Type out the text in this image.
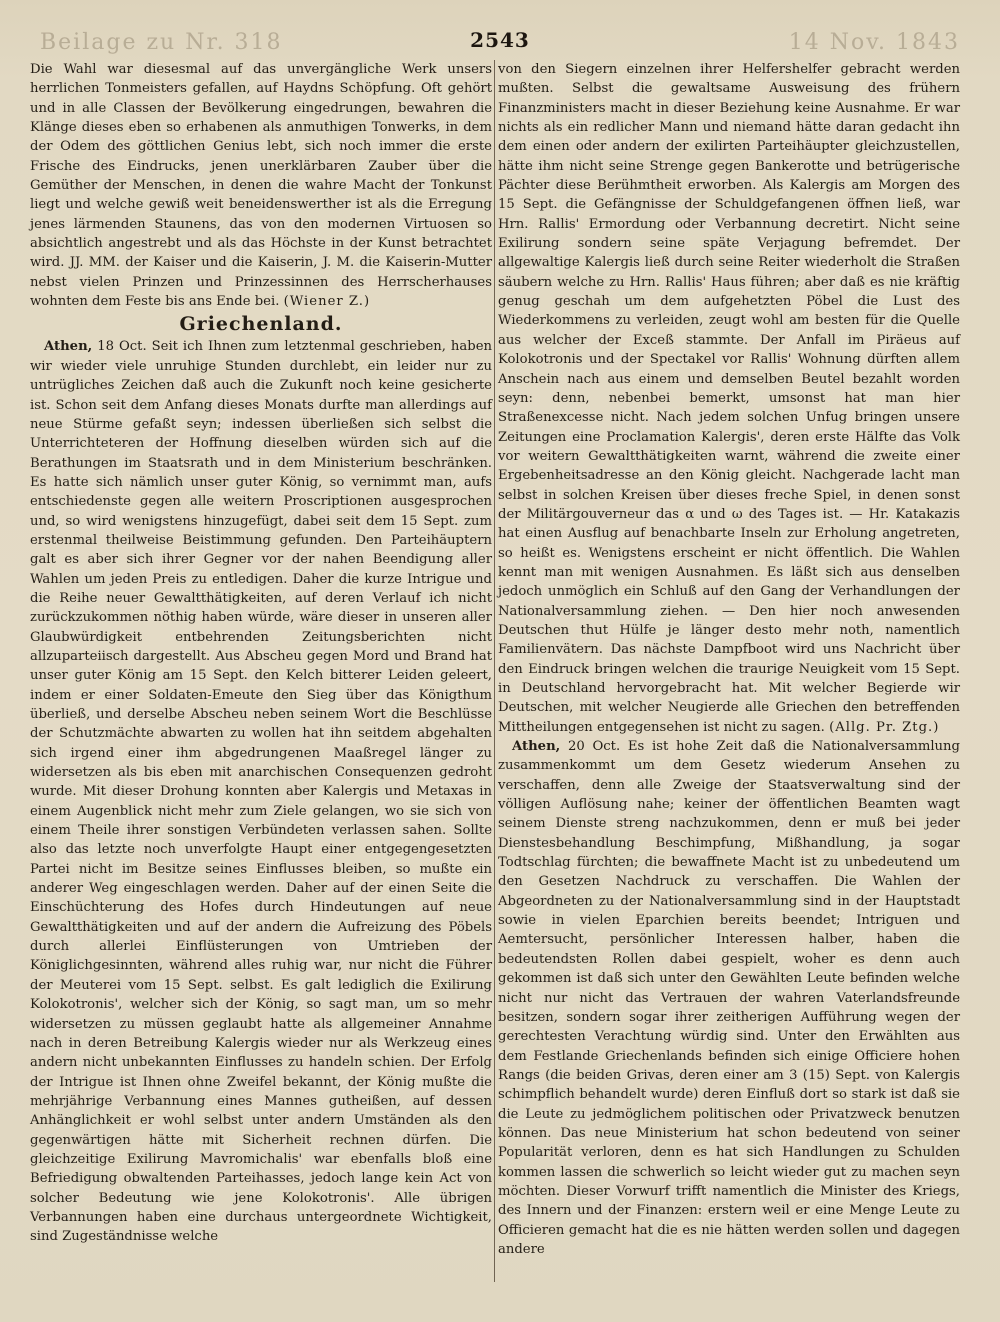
Beilage zu Nr. 318	14 Nov. 1843
2543

Die Wahl war diesesmal auf das unvergängliche Werk unsers herrlichen Tonmeisters gefallen, auf Haydns Schöpfung. Oft gehört und in alle Classen der Bevölkerung eingedrungen, bewahren die Klänge dieses eben so erhabenen als anmuthigen Tonwerks, in dem der Odem des göttlichen Genius lebt, sich noch immer die erste Frische des Eindrucks, jenen unerklärbaren Zauber über die Gemüther der Menschen, in denen die wahre Macht der Tonkunst liegt und welche gewiß weit beneidenswerther ist als die Erregung jenes lärmenden Staunens, das von den modernen Virtuosen so absichtlich angestrebt und als das Höchste in der Kunst betrachtet wird. JJ. MM. der Kaiser und die Kaiserin, J. M. die Kaiserin-Mutter nebst vielen Prinzen und Prinzessinnen des Herrscherhauses wohnten dem Feste bis ans Ende bei. (Wiener Z.)

Griechenland.

Athen, 18 Oct. Seit ich Ihnen zum letztenmal geschrieben, haben wir wieder viele unruhige Stunden durchlebt, ein leider nur zu untrügliches Zeichen daß auch die Zukunft noch keine gesicherte ist. Schon seit dem Anfang dieses Monats durfte man allerdings auf neue Stürme gefaßt seyn; indessen überließen sich selbst die Unterrichteteren der Hoffnung dieselben würden sich auf die Berathungen im Staatsrath und in dem Ministerium beschränken. Es hatte sich nämlich unser guter König, so vernimmt man, aufs entschiedenste gegen alle weitern Proscriptionen ausgesprochen und, so wird wenigstens hinzugefügt, dabei seit dem 15 Sept. zum erstenmal theilweise Beistimmung gefunden. Den Parteihäuptern galt es aber sich ihrer Gegner vor der nahen Beendigung aller Wahlen um jeden Preis zu entledigen. Daher die kurze Intrigue und die Reihe neuer Gewaltthätigkeiten, auf deren Verlauf ich nicht zurückzukommen nöthig haben würde, wäre dieser in unseren aller Glaubwürdigkeit entbehrenden Zeitungsberichten nicht allzuparteiisch dargestellt. Aus Abscheu gegen Mord und Brand hat unser guter König am 15 Sept. den Kelch bitterer Leiden geleert, indem er einer Soldaten-Emeute den Sieg über das Königthum überließ, und derselbe Abscheu neben seinem Wort die Beschlüsse der Schutzmächte abwarten zu wollen hat ihn seitdem abgehalten sich irgend einer ihm abgedrungenen Maaßregel länger zu widersetzen als bis eben mit anarchischen Consequenzen gedroht wurde. Mit dieser Drohung konnten aber Kalergis und Metaxas in einem Augenblick nicht mehr zum Ziele gelangen, wo sie sich von einem Theile ihrer sonstigen Verbündeten verlassen sahen. Sollte also das letzte noch unverfolgte Haupt einer entgegengesetzten Partei nicht im Besitze seines Einflusses bleiben, so mußte ein anderer Weg eingeschlagen werden. Daher auf der einen Seite die Einschüchterung des Hofes durch Hindeutungen auf neue Gewaltthätigkeiten und auf der andern die Aufreizung des Pöbels durch allerlei Einflüsterungen von Umtrieben der Königlichgesinnten, während alles ruhig war, nur nicht die Führer der Meuterei vom 15 Sept. selbst. Es galt lediglich die Exilirung Kolokotronis', welcher sich der König, so sagt man, um so mehr widersetzen zu müssen geglaubt hatte als allgemeiner Annahme nach in deren Betreibung Kalergis wieder nur als Werkzeug eines andern nicht unbekannten Einflusses zu handeln schien. Der Erfolg der Intrigue ist Ihnen ohne Zweifel bekannt, der König mußte die mehrjährige Verbannung eines Mannes gutheißen, auf dessen Anhänglichkeit er wohl selbst unter andern Umständen als den gegenwärtigen hätte mit Sicherheit rechnen dürfen. Die gleichzeitige Exilirung Mavromichalis' war ebenfalls bloß eine Befriedigung obwaltenden Parteihasses, jedoch lange kein Act von solcher Bedeutung wie jene Kolokotronis'. Alle übrigen Verbannungen haben eine durchaus untergeordnete Wichtigkeit, sind Zugeständnisse welche

von den Siegern einzelnen ihrer Helfershelfer gebracht werden mußten. Selbst die gewaltsame Ausweisung des frühern Finanzministers macht in dieser Beziehung keine Ausnahme. Er war nichts als ein redlicher Mann und niemand hätte daran gedacht ihn dem einen oder andern der exilirten Parteihäupter gleichzustellen, hätte ihm nicht seine Strenge gegen Bankerotte und betrügerische Pächter diese Berühmtheit erworben. Als Kalergis am Morgen des 15 Sept. die Gefängnisse der Schuldgefangenen öffnen ließ, war Hrn. Rallis' Ermordung oder Verbannung decretirt. Nicht seine Exilirung sondern seine späte Verjagung befremdet. Der allgewaltige Kalergis ließ durch seine Reiter wiederholt die Straßen säubern welche zu Hrn. Rallis' Haus führen; aber daß es nie kräftig genug geschah um dem aufgehetzten Pöbel die Lust des Wiederkommens zu verleiden, zeugt wohl am besten für die Quelle aus welcher der Exceß stammte. Der Anfall im Piräeus auf Kolokotronis und der Spectakel vor Rallis' Wohnung dürften allem Anschein nach aus einem und demselben Beutel bezahlt worden seyn: denn, nebenbei bemerkt, umsonst hat man hier Straßenexcesse nicht. Nach jedem solchen Unfug bringen unsere Zeitungen eine Proclamation Kalergis', deren erste Hälfte das Volk vor weitern Gewaltthätigkeiten warnt, während die zweite einer Ergebenheitsadresse an den König gleicht. Nachgerade lacht man selbst in solchen Kreisen über dieses freche Spiel, in denen sonst der Militärgouverneur das α und ω des Tages ist. — Hr. Katakazis hat einen Ausflug auf benachbarte Inseln zur Erholung angetreten, so heißt es. Wenigstens erscheint er nicht öffentlich. Die Wahlen kennt man mit wenigen Ausnahmen. Es läßt sich aus denselben jedoch unmöglich ein Schluß auf den Gang der Verhandlungen der Nationalversammlung ziehen. — Den hier noch anwesenden Deutschen thut Hülfe je länger desto mehr noth, namentlich Familienvätern. Das nächste Dampfboot wird uns Nachricht über den Eindruck bringen welchen die traurige Neuigkeit vom 15 Sept. in Deutschland hervorgebracht hat. Mit welcher Begierde wir Deutschen, mit welcher Neugierde alle Griechen den betreffenden Mittheilungen entgegensehen ist nicht zu sagen. (Allg. Pr. Ztg.)

Athen, 20 Oct. Es ist hohe Zeit daß die Nationalversammlung zusammenkommt um dem Gesetz wiederum Ansehen zu verschaffen, denn alle Zweige der Staatsverwaltung sind der völligen Auflösung nahe; keiner der öffentlichen Beamten wagt seinem Dienste streng nachzukommen, denn er muß bei jeder Dienstesbehandlung Beschimpfung, Mißhandlung, ja sogar Todtschlag fürchten; die bewaffnete Macht ist zu unbedeutend um den Gesetzen Nachdruck zu verschaffen. Die Wahlen der Abgeordneten zu der Nationalversammlung sind in der Hauptstadt sowie in vielen Eparchien bereits beendet; Intriguen und Aemtersucht, persönlicher Interessen halber, haben die bedeutendsten Rollen dabei gespielt, woher es denn auch gekommen ist daß sich unter den Gewählten Leute befinden welche nicht nur nicht das Vertrauen der wahren Vaterlandsfreunde besitzen, sondern sogar ihrer zeitherigen Aufführung wegen der gerechtesten Verachtung würdig sind. Unter den Erwählten aus dem Festlande Griechenlands befinden sich einige Officiere hohen Rangs (die beiden Grivas, deren einer am 3 (15) Sept. von Kalergis schimpflich behandelt wurde) deren Einfluß dort so stark ist daß sie die Leute zu jedmöglichem politischen oder Privatzweck benutzen können. Das neue Ministerium hat schon bedeutend von seiner Popularität verloren, denn es hat sich Handlungen zu Schulden kommen lassen die schwerlich so leicht wieder gut zu machen seyn möchten. Dieser Vorwurf trifft namentlich die Minister des Kriegs, des Innern und der Finanzen: erstern weil er eine Menge Leute zu Officieren gemacht hat die es nie hätten werden sollen und dagegen andere
